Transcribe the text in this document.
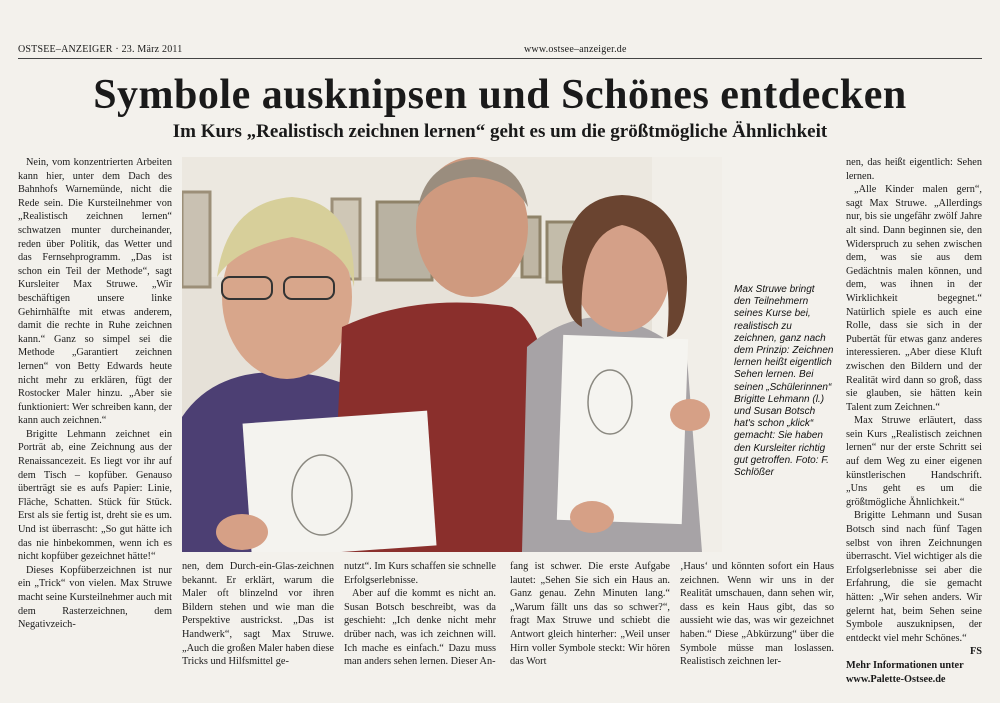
OSTSEE–ANZEIGER · 23. März 2011	www.ostsee–anzeiger.de
Symbole ausknipsen und Schönes entdecken
Im Kurs „Realistisch zeichnen lernen“ geht es um die größtmögliche Ähnlichkeit

Nein, vom konzentrierten Arbeiten kann hier, unter dem Dach des Bahnhofs Warnemünde, nicht die Rede sein. Die Kursteilnehmer von „Realistisch zeichnen lernen“ schwatzen munter durcheinander, reden über Politik, das Wetter und das Fernsehprogramm. „Das ist schon ein Teil der Methode“, sagt Kursleiter Max Struwe. „Wir beschäftigen unsere linke Gehirnhälfte mit etwas anderem, damit die rechte in Ruhe zeichnen kann.“ Ganz so simpel sei die Methode „Garantiert zeichnen lernen“ von Betty Edwards heute nicht mehr zu erklären, fügt der Rostocker Maler hinzu. „Aber sie funktioniert: Wer schreiben kann, der kann auch zeichnen.“

Brigitte Lehmann zeichnet ein Porträt ab, eine Zeichnung aus der Renaissancezeit. Es liegt vor ihr auf dem Tisch – kopfüber. Genauso überträgt sie es aufs Papier: Linie, Fläche, Schatten. Stück für Stück. Erst als sie fertig ist, dreht sie es um. Und ist überrascht: „So gut hätte ich das nie hinbekommen, wenn ich es nicht kopfüber gezeichnet hätte!“

Dieses Kopfüberzeichnen ist nur ein „Trick“ von vielen. Max Struwe macht seine Kursteilnehmer auch mit dem Rasterzeichnen, dem Negativzeich-

Max Struwe bringt den Teilnehmern seines Kurse bei, realistisch zu zeichnen, ganz nach dem Prinzip: Zeichnen lernen heißt eigentlich Sehen lernen. Bei seinen „Schülerinnen“ Brigitte Lehmann (l.) und Susan Botsch hat's schon „klick“ gemacht: Sie haben den Kursleiter richtig gut getroffen. Foto: F. Schlößer

nen, dem Durch-ein-Glas-zeichnen bekannt. Er erklärt, warum die Maler oft blinzelnd vor ihren Bildern stehen und wie man die Perspektive austrickst. „Das ist Handwerk“, sagt Max Struwe. „Auch die großen Maler haben diese Tricks und Hilfsmittel ge-

nutzt“. Im Kurs schaffen sie schnelle Erfolgserlebnisse.

Aber auf die kommt es nicht an. Susan Botsch beschreibt, was da geschieht: „Ich denke nicht mehr drüber nach, was ich zeichnen will. Ich mache es einfach.“ Dazu muss man anders sehen lernen. Dieser An-

fang ist schwer. Die erste Aufgabe lautet: „Sehen Sie sich ein Haus an. Ganz genau. Zehn Minuten lang.“ „Warum fällt uns das so schwer?“, fragt Max Struwe und schiebt die Antwort gleich hinterher: „Weil unser Hirn voller Symbole steckt: Wir hören das Wort

‚Haus‘ und könnten sofort ein Haus zeichnen. Wenn wir uns in der Realität umschauen, dann sehen wir, dass es kein Haus gibt, das so aussieht wie das, was wir gezeichnet haben.“ Diese „Abkürzung“ über die Symbole müsse man loslassen. Realistisch zeichnen ler-

nen, das heißt eigentlich: Sehen lernen.

„Alle Kinder malen gern“, sagt Max Struwe. „Allerdings nur, bis sie ungefähr zwölf Jahre alt sind. Dann beginnen sie, den Widerspruch zu sehen zwischen dem, was sie aus dem Gedächtnis malen können, und dem, was ihnen in der Wirklichkeit begegnet.“ Natürlich spiele es auch eine Rolle, dass sie sich in der Pubertät für etwas ganz anderes interessieren. „Aber diese Kluft zwischen den Bildern und der Realität wird dann so groß, dass sie glauben, sie hätten kein Talent zum Zeichnen.“

Max Struwe erläutert, dass sein Kurs „Realistisch zeichnen lernen“ nur der erste Schritt sei auf dem Weg zu einer eigenen künstlerischen Handschrift. „Uns geht es um die größtmögliche Ähnlichkeit.“

Brigitte Lehmann und Susan Botsch sind nach fünf Tagen selbst von ihren Zeichnungen überrascht. Viel wichtiger als die Erfolgserlebnisse sei aber die Erfahrung, die sie gemacht hätten: „Wir sehen anders. Wir gelernt hat, beim Sehen seine Symbole auszuknipsen, der entdeckt viel mehr Schönes.“

FS

Mehr Informationen unter

www.Palette-Ostsee.de
